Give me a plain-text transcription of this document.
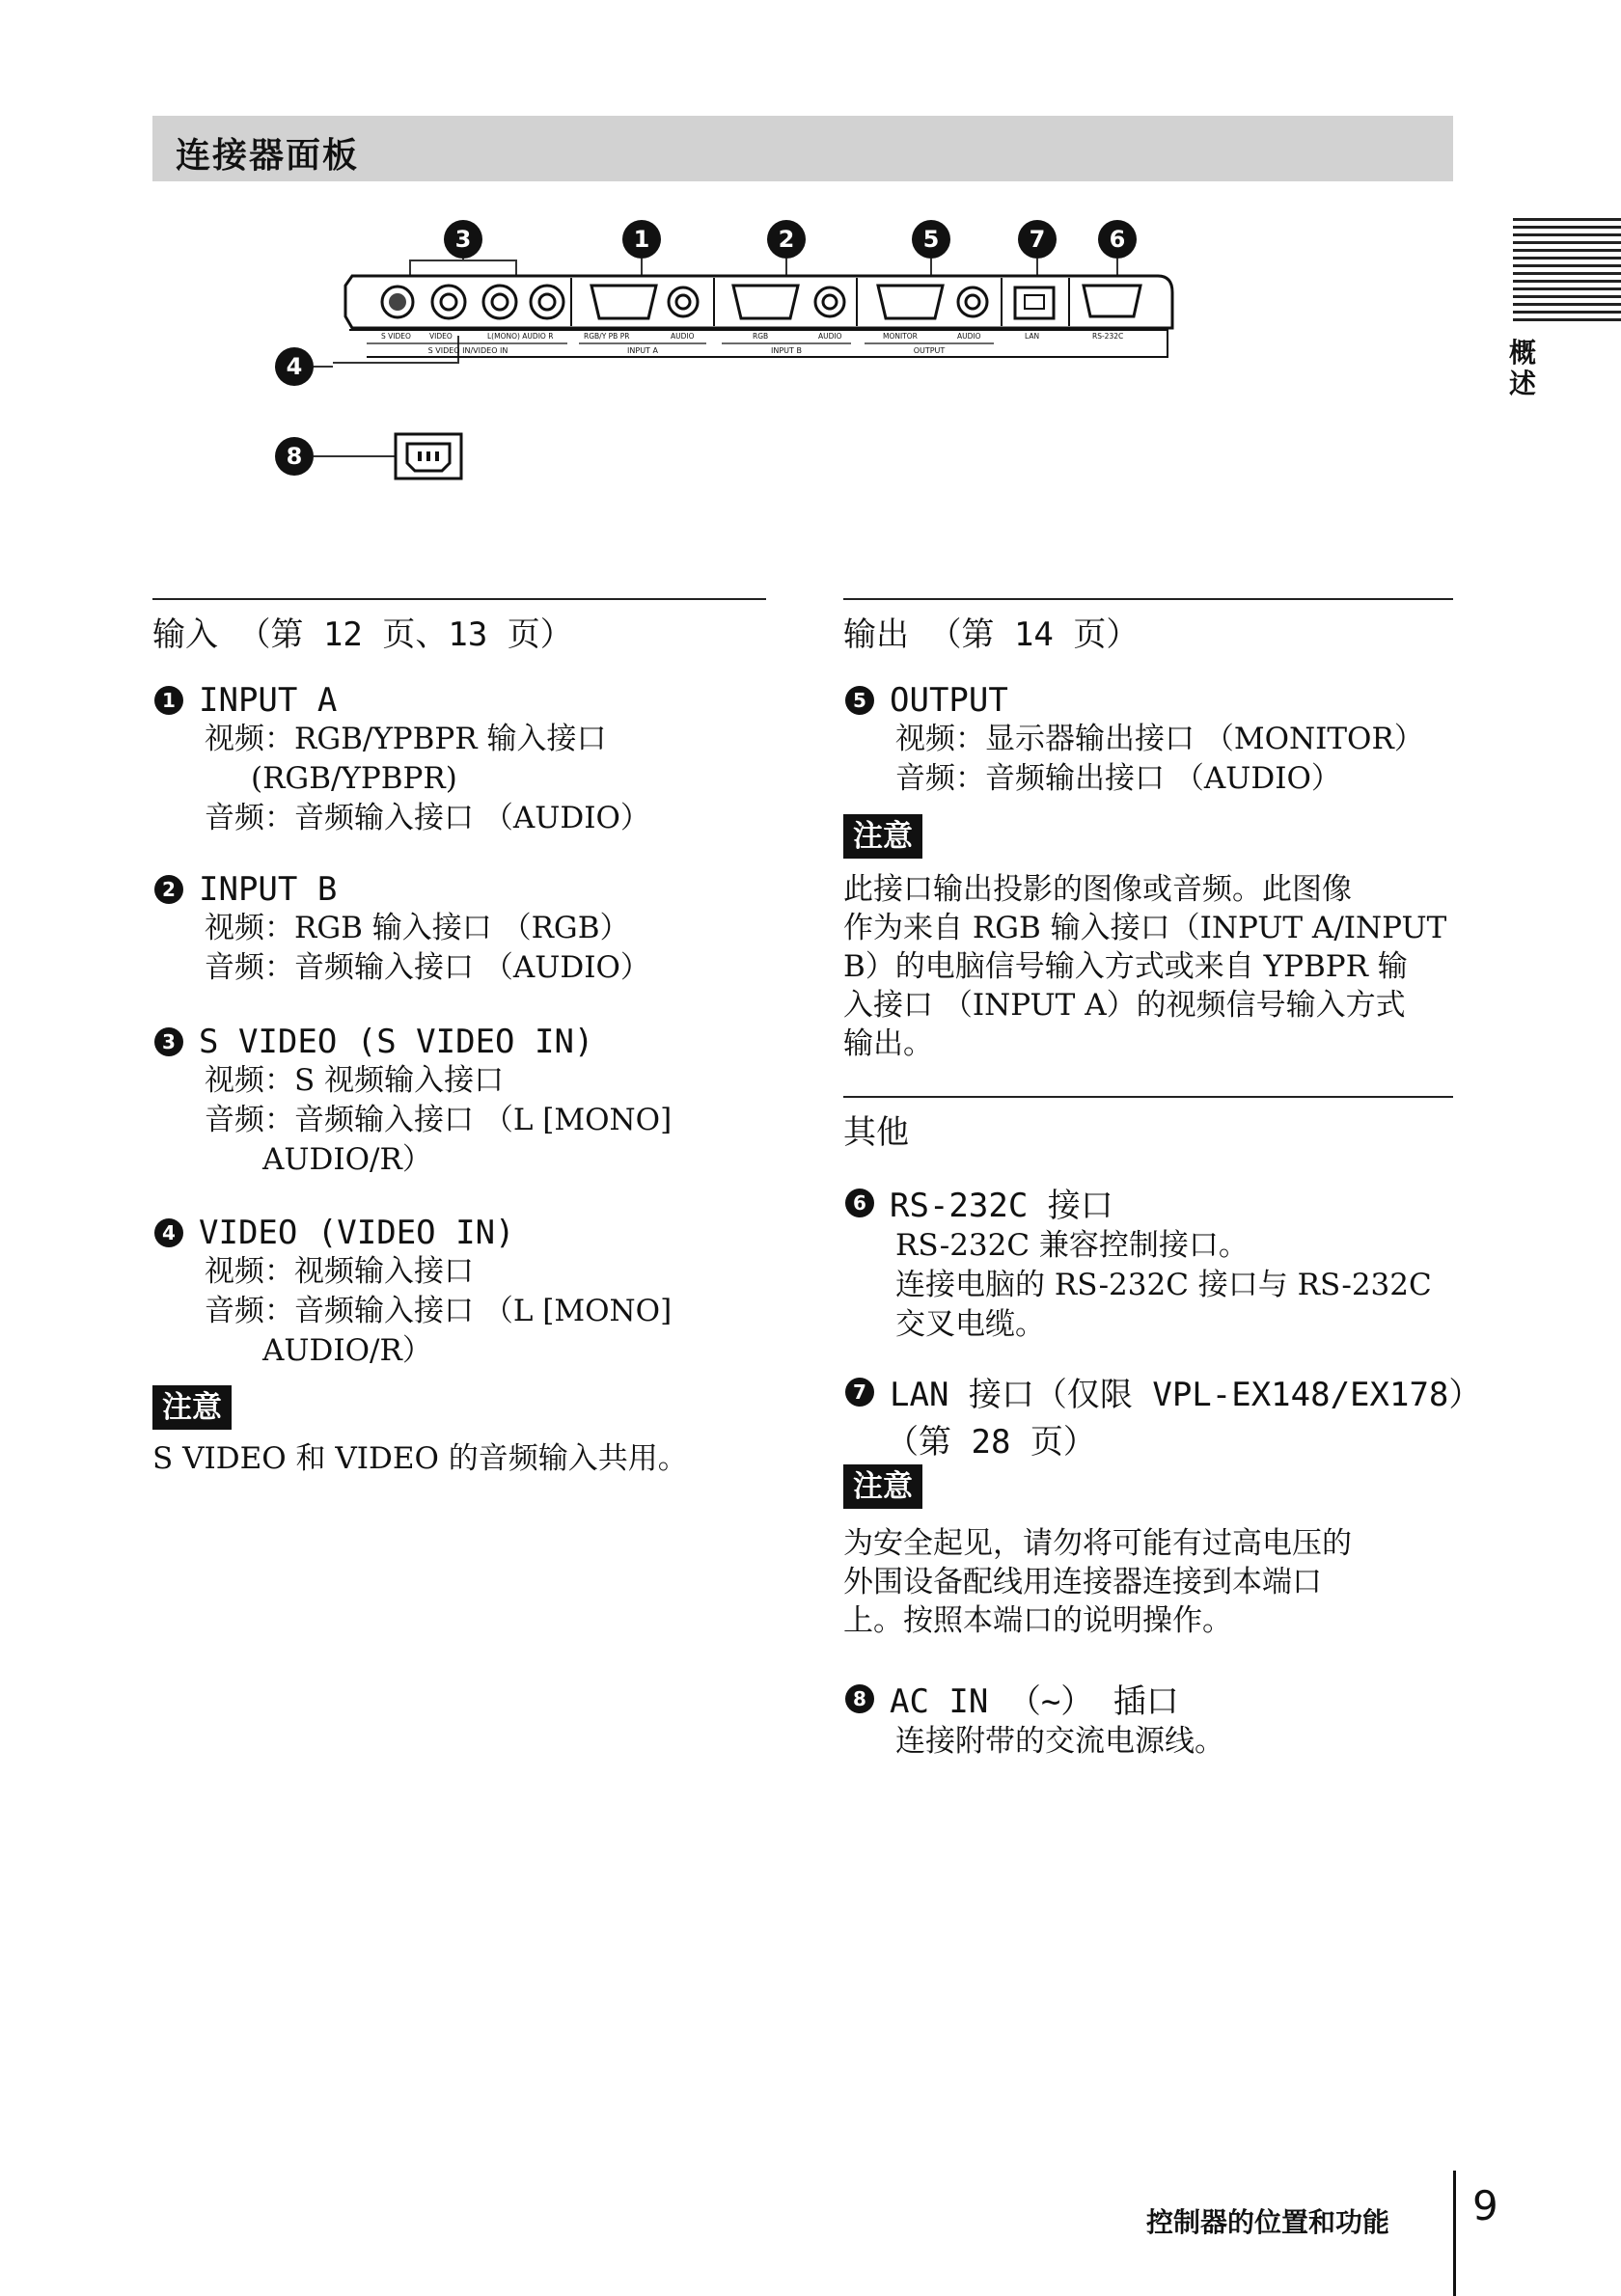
连接器面板
概述
3	1	2	5	7	6
S VIDEO	VIDEO	L(MONO) AUDIO R	RGB/Y PB PR	AUDIO	RGB	AUDIO	MONITOR	AUDIO	LAN	RS-232C
S VIDEO IN/VIDEO IN	INPUT A	INPUT B	OUTPUT
4
8
输入 （第 12 页、13 页）
1 INPUT A
视频：RGB/YPBPR 输入接口
(RGB/YPBPR)
音频：音频输入接口 （AUDIO）
2 INPUT B
视频：RGB 输入接口 （RGB）
音频：音频输入接口 （AUDIO）
3 S VIDEO (S VIDEO IN)
视频：S 视频输入接口
音频：音频输入接口 （L [MONO]
AUDIO/R）
4 VIDEO (VIDEO IN)
视频：视频输入接口
音频：音频输入接口 （L [MONO]
AUDIO/R）
注意
S VIDEO 和 VIDEO 的音频输入共用。
输出 （第 14 页）
5 OUTPUT
视频：显示器输出接口 （MONITOR）
音频：音频输出接口 （AUDIO）
注意
此接口输出投影的图像或音频。此图像
作为来自 RGB 输入接口（INPUT A/INPUT
B）的电脑信号输入方式或来自 YPBPR 输
入接口 （INPUT A）的视频信号输入方式
输出。
其他
6 RS-232C 接口
RS-232C 兼容控制接口。
连接电脑的 RS-232C 接口与 RS-232C
交叉电缆。
7 LAN 接口（仅限 VPL-EX148/EX178）
（第 28 页）
注意
为安全起见，请勿将可能有过高电压的
外围设备配线用连接器连接到本端口
上。按照本端口的说明操作。
8 AC IN （~） 插口
连接附带的交流电源线。
控制器的位置和功能 9
